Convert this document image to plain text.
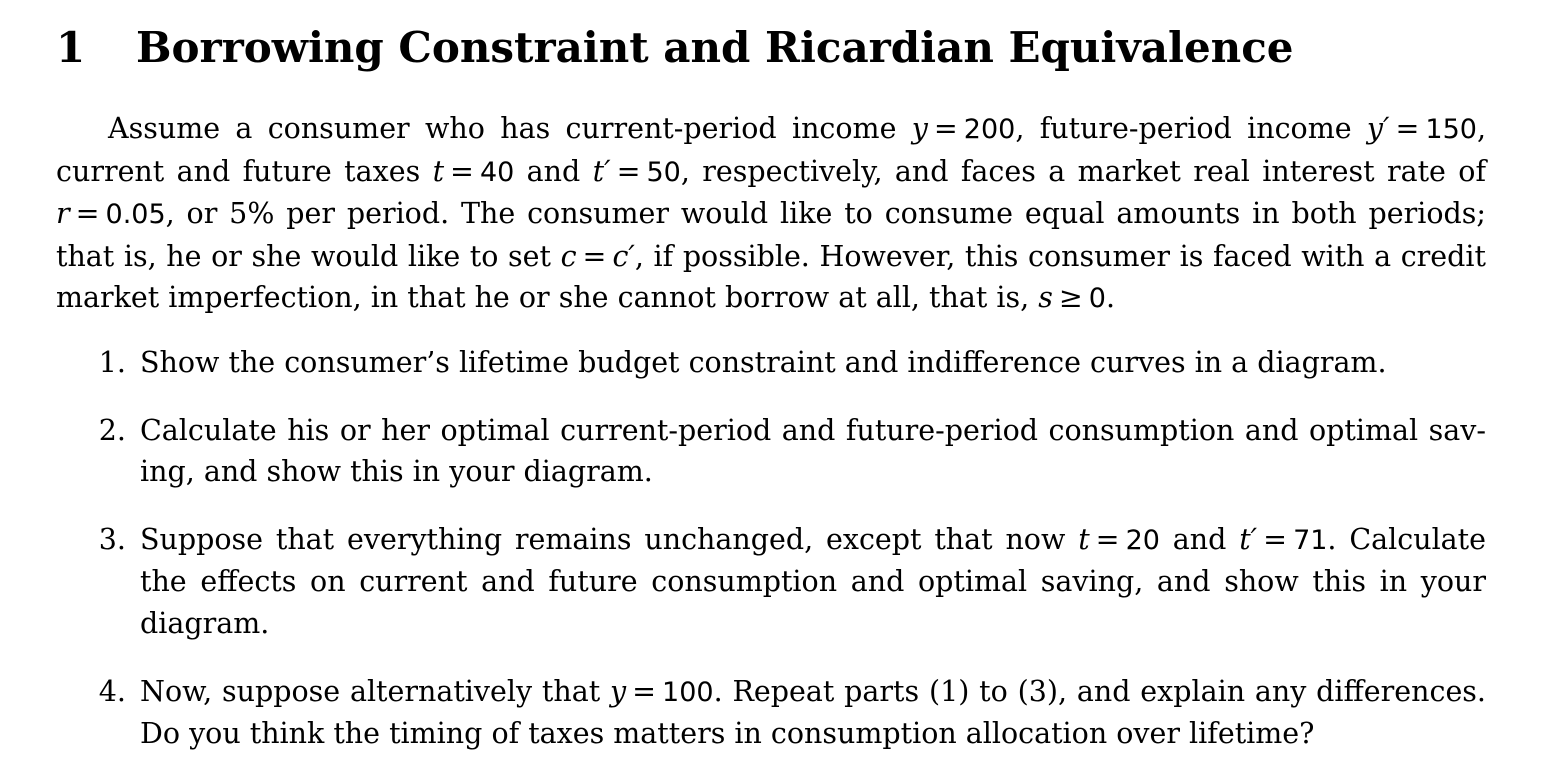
1	Borrowing Constraint and Ricardian Equivalence
Assume a consumer who has current-period income y = 200, future-period income y′ = 150,
current and future taxes t = 40 and t′ = 50, respectively, and faces a market real interest rate of
r = 0.05, or 5% per period. The consumer would like to consume equal amounts in both periods;
that is, he or she would like to set c = c′, if possible. However, this consumer is faced with a credit
market imperfection, in that he or she cannot borrow at all, that is, s ≥ 0.
1. Show the consumer’s lifetime budget constraint and indifference curves in a diagram.
2. Calculate his or her optimal current-period and future-period consumption and optimal sav-
ing, and show this in your diagram.
3. Suppose that everything remains unchanged, except that now t = 20 and t′ = 71. Calculate
the effects on current and future consumption and optimal saving, and show this in your
diagram.
4. Now, suppose alternatively that y = 100. Repeat parts (1) to (3), and explain any differences.
Do you think the timing of taxes matters in consumption allocation over lifetime?
